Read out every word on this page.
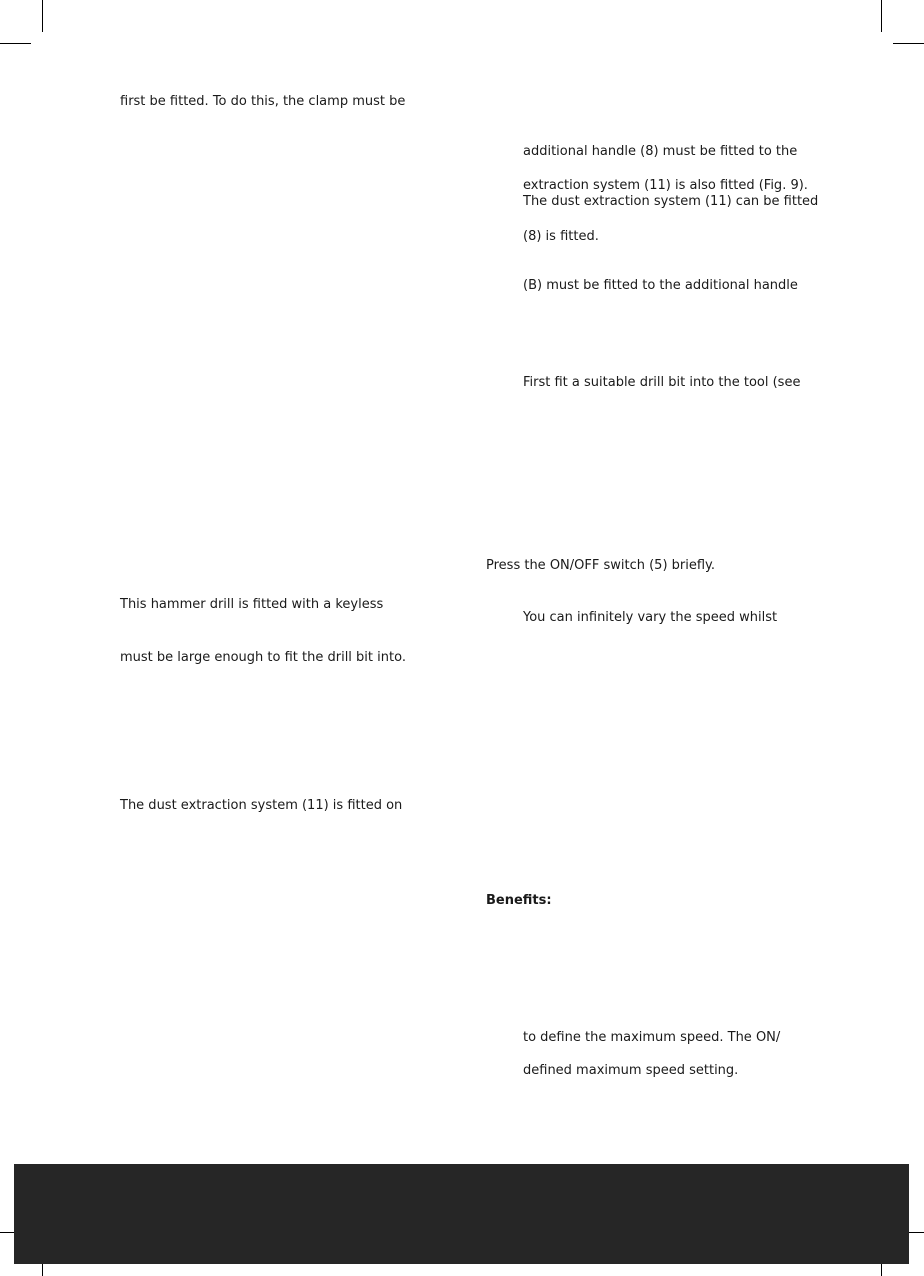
first be fitted. To do this, the clamp must be

This hammer drill is fitted with a keyless

must be large enough to fit the drill bit into.

The dust extraction system (11) is fitted on

additional handle (8) must be fitted to the

extraction system (11) is also fitted (Fig. 9).

The dust extraction system (11) can be fitted

(8) is fitted.

(B) must be fitted to the additional handle

First fit a suitable drill bit into the tool (see

Press the ON/OFF switch (5) briefly.

You can infinitely vary the speed whilst

Benefits:

to define the maximum speed. The ON/

defined maximum speed setting.
